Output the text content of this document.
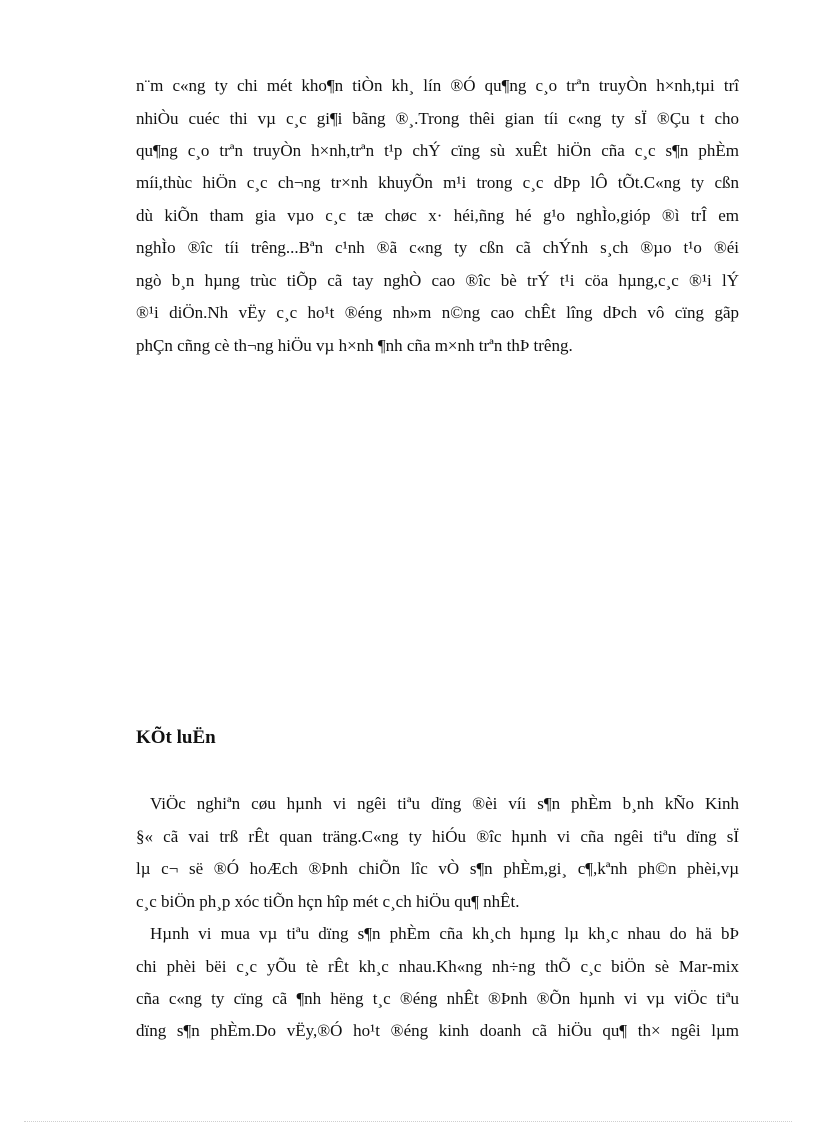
n¨m c«ng ty chi mét kho¶n tiÒn kh¸ lín ®Ó qu¶ng c¸o trªn truyÒn h×nh,tµi trî
nhiÒu cuéc thi vµ c¸c gi¶i bãng ®¸.Trong thêi gian tíi c«ng ty sÏ ®Çu t cho
qu¶ng c¸o trªn truyÒn h×nh,trªn t¹p chÝ cïng sù xuÊt hiÖn cña c¸c s¶n phÈm
míi,thùc hiÖn c¸c ch¬ng tr×nh khuyÕn m¹i trong c¸c dÞp lÔ tÕt.C«ng ty cßn
dù kiÕn tham gia vµo c¸c tæ chøc x· héi,ñng hé g¹o nghÌo,gióp ®ì trÎ em
nghÌo ®îc tíi trêng...Bªn c¹nh ®ã c«ng ty cßn cã chÝnh s¸ch ®µo t¹o ®éi
ngò b¸n hµng trùc tiÕp cã tay nghÒ cao ®îc bè trÝ t¹i cöa hµng,c¸c ®¹i lÝ
®¹i diÖn.Nh vËy c¸c ho¹t ®éng nh»m n©ng cao chÊt lîng dÞch vô cïng gãp
phÇn cñng cè th¬ng hiÖu vµ h×nh ¶nh cña m×nh trªn thÞ trêng.
KÕt luËn
ViÖc nghiªn cøu hµnh vi ngêi tiªu dïng ®èi víi s¶n phÈm b¸nh kÑo Kinh
§« cã vai trß rÊt quan träng.C«ng ty hiÓu ®îc hµnh vi cña ngêi tiªu dïng sÏ
lµ c¬ së ®Ó hoÆch ®Þnh chiÕn lîc vÒ s¶n phÈm,gi¸ c¶,kªnh ph©n phèi,vµ
c¸c biÖn ph¸p xóc tiÕn hçn hîp mét c¸ch hiÖu qu¶ nhÊt.
Hµnh vi mua vµ tiªu dïng s¶n phÈm cña kh¸ch hµng lµ kh¸c nhau do hä bÞ
chi phèi bëi c¸c yÕu tè rÊt kh¸c nhau.Kh«ng nh÷ng thÕ c¸c biÖn sè Mar-mix
cña c«ng ty cïng cã ¶nh hëng t¸c ®éng nhÊt ®Þnh ®Õn hµnh vi vµ viÖc tiªu
dïng s¶n phÈm.Do vËy,®Ó ho¹t ®éng kinh doanh cã hiÖu qu¶ th× ngêi lµm
